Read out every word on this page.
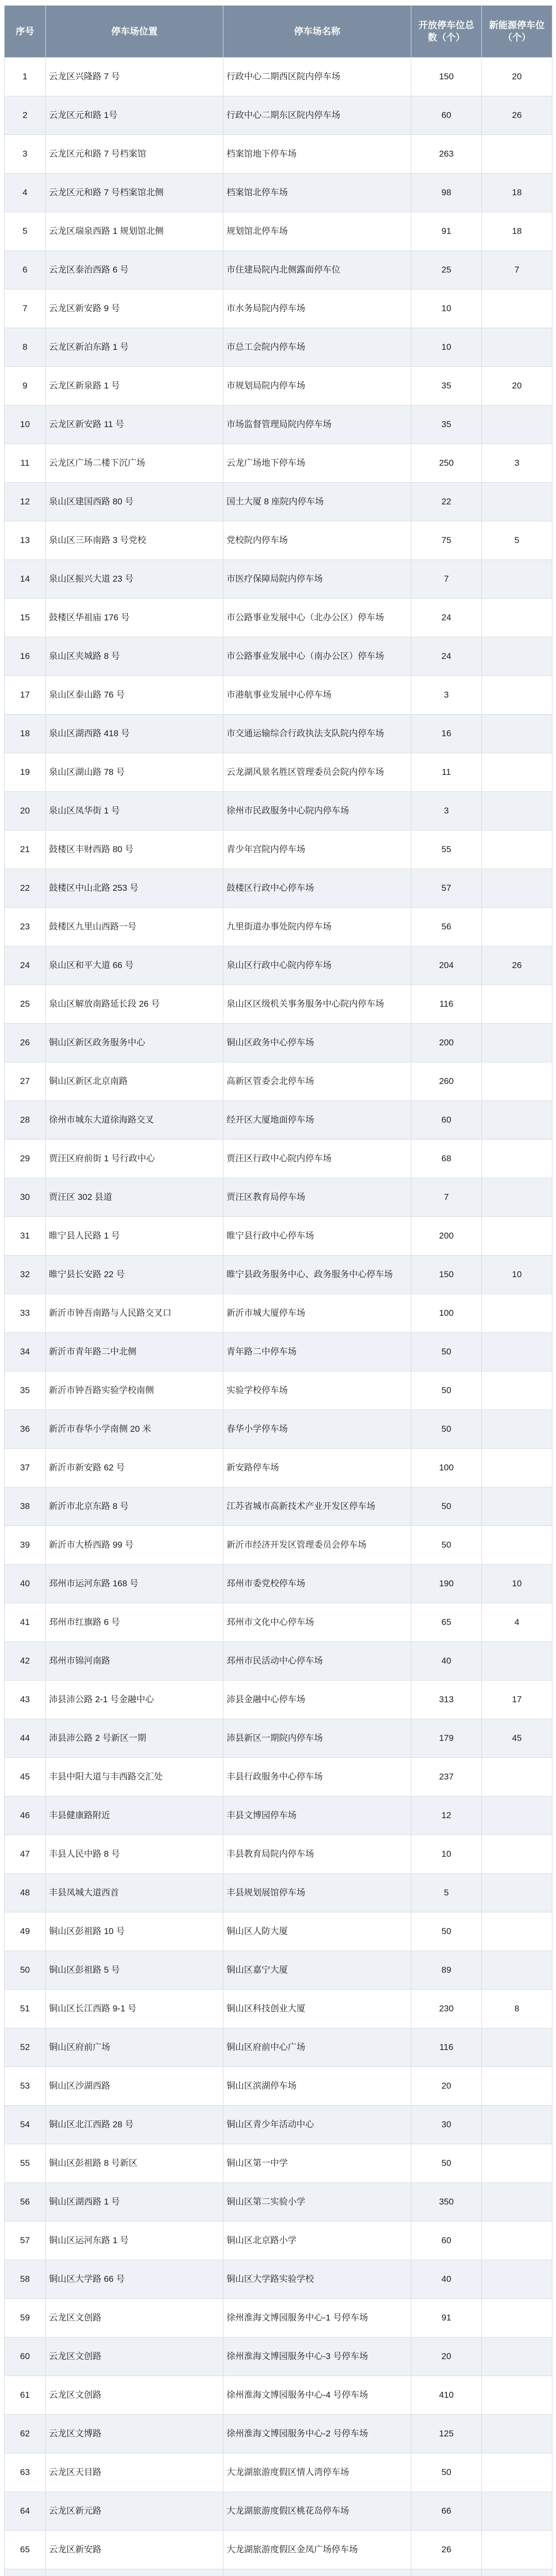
序号	停车场位置	停车场名称	开放停车位总数（个）	新能源停车位（个）
1	云龙区兴隆路 7 号	行政中心二期西区院内停车场	150	20
2	云龙区元和路 1号	行政中心二期东区院内停车场	60	26
3	云龙区元和路 7 号档案馆	档案馆地下停车场	263	
4	云龙区元和路 7 号档案馆北侧	档案馆北停车场	98	18
5	云龙区瑞泉西路 1 规划馆北侧	规划馆北停车场	91	18
6	云龙区泰治西路 6 号	市住建局院内北侧露面停车位	25	7
7	云龙区新安路 9 号	市水务局院内停车场	10	
8	云龙区新泊东路 1 号	市总工会院内停车场	10	
9	云龙区新泉路 1 号	市规划局院内停车场	35	20
10	云龙区新安路 11 号	市场监督管理局院内停车场	35	
11	云龙区广场二楼下沉广场	云龙广场地下停车场	250	3
12	泉山区建国西路 80 号	国土大厦 8 座院内停车场	22	
13	泉山区三环南路 3 号党校	党校院内停车场	75	5
14	泉山区振兴大道 23 号	市医疗保障局院内停车场	7	
15	鼓楼区华祖庙 176 号	市公路事业发展中心（北办公区）停车场	24	
16	泉山区夹城路 8 号	市公路事业发展中心（南办公区）停车场	24	
17	泉山区泰山路 76 号	市港航事业发展中心停车场	3	
18	泉山区湖西路 418 号	市交通运输综合行政执法支队院内停车场	16	
19	泉山区湖山路 78 号	云龙湖风景名胜区管理委员会院内停车场	11	
20	泉山区凤华街 1 号	徐州市民政服务中心院内停车场	3	
21	鼓楼区丰财西路 80 号	青少年宫院内停车场	55	
22	鼓楼区中山北路 253 号	鼓楼区行政中心停车场	57	
23	鼓楼区九里山西路一号	九里街道办事处院内停车场	56	
24	泉山区和平大道 66 号	泉山区行政中心院内停车场	204	26
25	泉山区解放南路延长段 26 号	泉山区区级机关事务服务中心院内停车场	116	
26	铜山区新区政务服务中心	铜山区政务中心停车场	200	
27	铜山区新区北京南路	高新区管委会北停车场	260	
28	徐州市城东大道徐海路交叉	经开区大厦地面停车场	60	
29	贾汪区府前街 1 号行政中心	贾汪区行政中心院内停车场	68	
30	贾汪区 302 县道	贾汪区教育局停车场	7	
31	睢宁县人民路 1 号	睢宁县行政中心停车场	200	
32	睢宁县长安路 22 号	睢宁县政务服务中心、政务服务中心停车场	150	10
33	新沂市钟吾南路与人民路交叉口	新沂市城大厦停车场	100	
34	新沂市青年路二中北侧	青年路二中停车场	50	
35	新沂市钟吾路实验学校南侧	实验学校停车场	50	
36	新沂市春华小学南侧 20 米	春华小学停车场	50	
37	新沂市新安路 62 号	新安路停车场	100	
38	新沂市北京东路 8 号	江苏省城市高新技术产业开发区停车场	50	
39	新沂市大桥西路 99 号	新沂市经济开发区管理委员会停车场	50	
40	邳州市运河东路 168 号	邳州市委党校停车场	190	10
41	邳州市红旗路 6 号	邳州市文化中心停车场	65	4
42	邳州市锦河南路	邳州市民活动中心停车场	40	
43	沛县沛公路 2-1 号金融中心	沛县金融中心停车场	313	17
44	沛县沛公路 2 号新区一期	沛县新区一期院内停车场	179	45
45	丰县中阳大道与丰西路交汇处	丰县行政服务中心停车场	237	
46	丰县健康路附近	丰县文博园停车场	12	
47	丰县人民中路 8 号	丰县教育局院内停车场	10	
48	丰县凤城大道西首	丰县规划展馆停车场	5	
49	铜山区彭祖路 10 号	铜山区人防大厦	50	
50	铜山区彭祖路 5 号	铜山区嘉宁大厦	89	
51	铜山区长江西路 9-1 号	铜山区科技创业大厦	230	8
52	铜山区府前广场	铜山区府前中心广场	116	
53	铜山区沙湖西路	铜山区滨湖停车场	20	
54	铜山区北江西路 28 号	铜山区青少年活动中心	30	
55	铜山区彭祖路 8 号新区	铜山区第一中学	50	
56	铜山区湖西路 1 号	铜山区第二实验小学	350	
57	铜山区运河东路 1 号	铜山区北京路小学	60	
58	铜山区大学路 66 号	铜山区大学路实验学校	40	
59	云龙区文创路	徐州淮海文博园服务中心-1 号停车场	91	
60	云龙区文创路	徐州淮海文博园服务中心-3 号停车场	20	
61	云龙区文创路	徐州淮海文博园服务中心-4 号停车场	410	
62	云龙区文博路	徐州淮海文博园服务中心-2 号停车场	125	
63	云龙区天目路	大龙湖旅游度假区情人湾停车场	50	
64	云龙区新元路	大龙湖旅游度假区桃花岛停车场	66	
65	云龙区新安路	大龙湖旅游度假区金凤广场停车场	26	
